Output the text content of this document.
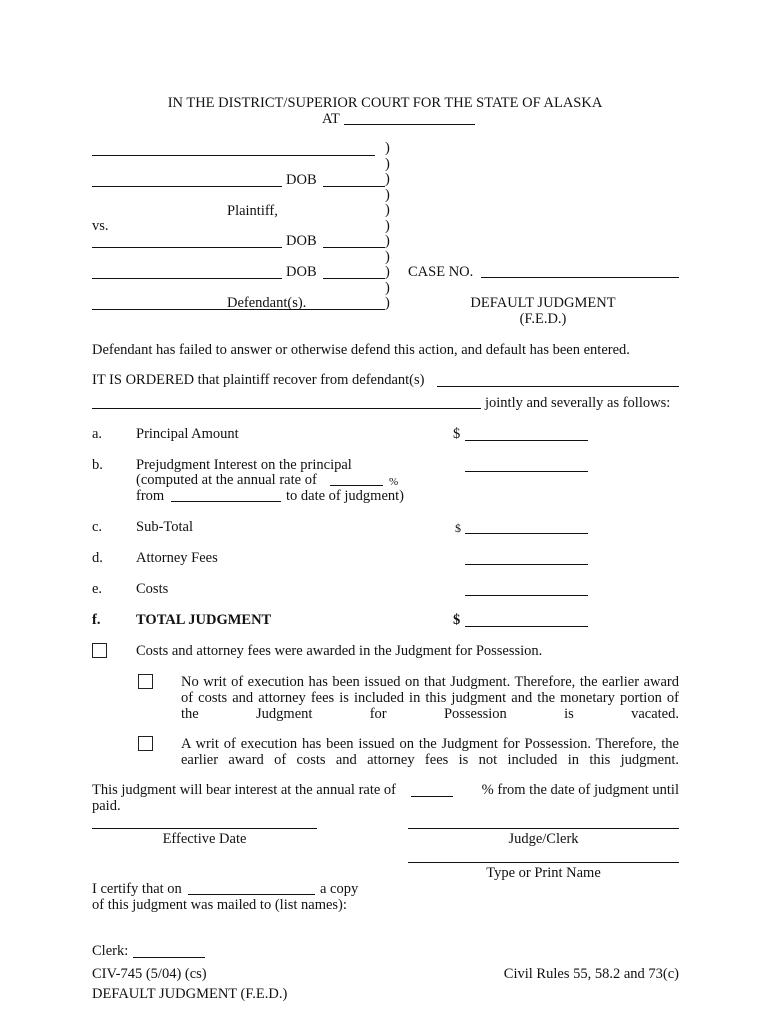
IN THE DISTRICT/SUPERIOR COURT FOR THE STATE OF ALASKA
AT
DOB
Plaintiff,
vs.
DOB
DOB
Defendant(s).
)
)
)
)
)
)
)
)
)
)
)
CASE NO.
DEFAULT JUDGMENT
(F.E.D.)
Defendant has failed to answer or otherwise defend this action, and default has been entered.
IT IS ORDERED that plaintiff recover from defendant(s)
jointly and severally as follows:
a. Principal Amount	$
b. Prejudgment Interest on the principal
(computed at the annual rate of	%
from	to date of judgment)
c. Sub-Total	$
d. Attorney Fees
e. Costs
f. TOTAL JUDGMENT	$
Costs and attorney fees were awarded in the Judgment for Possession.
No writ of execution has been issued on that Judgment. Therefore, the earlier award of costs and attorney fees is included in this judgment and the monetary portion of the Judgment for Possession is vacated.
A writ of execution has been issued on the Judgment for Possession. Therefore, the earlier award of costs and attorney fees is not included in this judgment.
This judgment will bear interest at the annual rate of	% from the date of judgment until
paid.
Effective Date	Judge/Clerk
Type or Print Name
I certify that on	a copy
of this judgment was mailed to (list names):
Clerk:
CIV-745 (5/04) (cs)
DEFAULT JUDGMENT (F.E.D.)
Civil Rules 55, 58.2 and 73(c)
